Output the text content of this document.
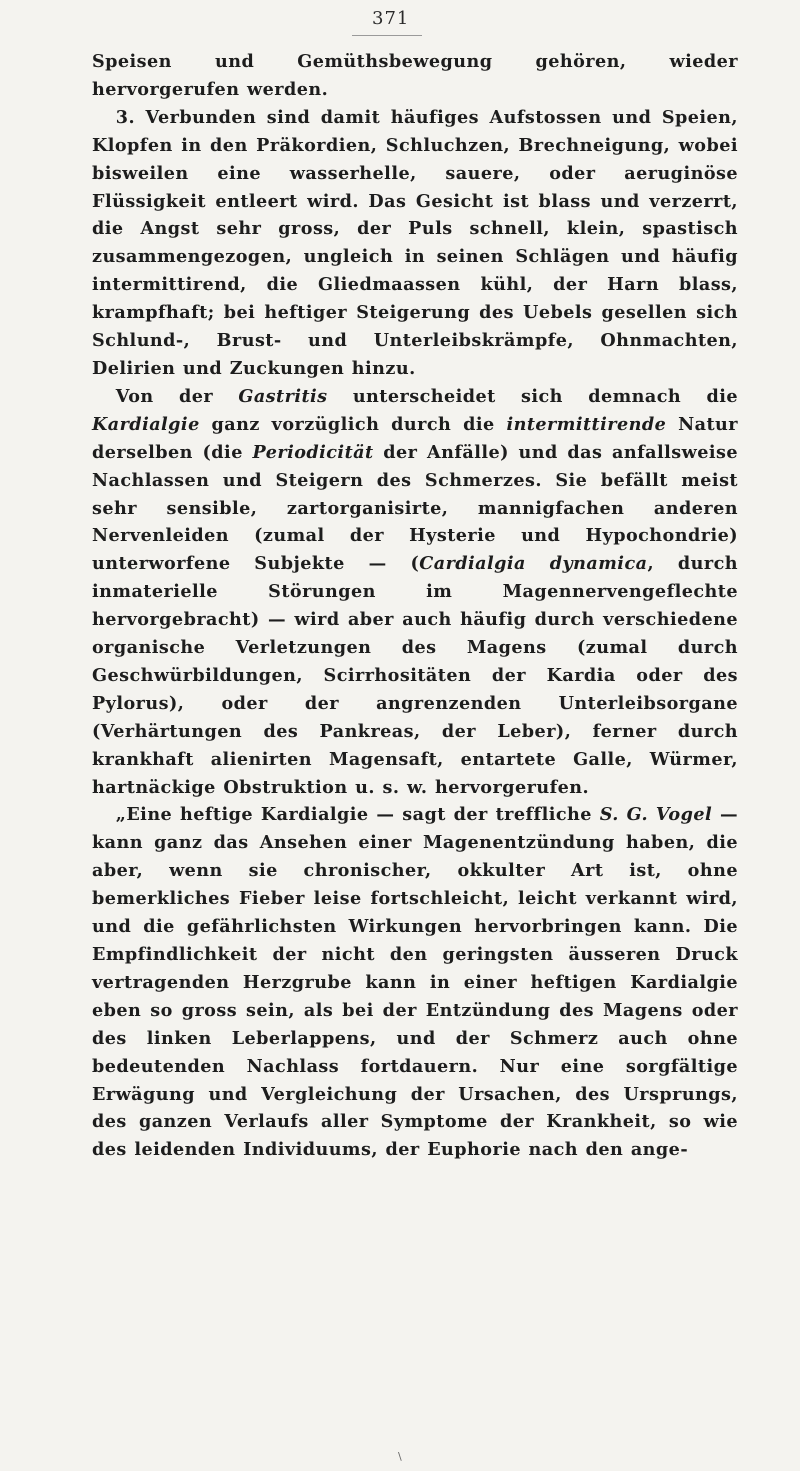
371

Speisen und Gemüthsbewegung gehören, wieder hervorgerufen werden.

3. Verbunden sind damit häufiges Aufstossen und Speien, Klopfen in den Präkordien, Schluchzen, Brechneigung, wobei bisweilen eine wasserhelle, sauere, oder aeruginöse Flüssigkeit entleert wird. Das Gesicht ist blass und verzerrt, die Angst sehr gross, der Puls schnell, klein, spastisch zusammengezogen, ungleich in seinen Schlägen und häufig intermittirend, die Gliedmaassen kühl, der Harn blass, krampfhaft; bei heftiger Steigerung des Uebels gesellen sich Schlund-, Brust- und Unterleibskrämpfe, Ohnmachten, Delirien und Zuckungen hinzu.

Von der Gastritis unterscheidet sich demnach die Kardialgie ganz vorzüglich durch die intermittirende Natur derselben (die Periodicität der Anfälle) und das anfallsweise Nachlassen und Steigern des Schmerzes. Sie befällt meist sehr sensible, zartorganisirte, mannigfachen anderen Nervenleiden (zumal der Hysterie und Hypochondrie) unterworfene Subjekte — (Cardialgia dynamica, durch inmaterielle Störungen im Magennervengeflechte hervorgebracht) — wird aber auch häufig durch verschiedene organische Verletzungen des Magens (zumal durch Geschwürbildungen, Scirrhositäten der Kardia oder des Pylorus), oder der angrenzenden Unterleibsorgane (Verhärtungen des Pankreas, der Leber), ferner durch krankhaft alienirten Magensaft, entartete Galle, Würmer, hartnäckige Obstruktion u. s. w. hervorgerufen.

„Eine heftige Kardialgie — sagt der treffliche S. G. Vogel — kann ganz das Ansehen einer Magenentzündung haben, die aber, wenn sie chronischer, okkulter Art ist, ohne bemerkliches Fieber leise fortschleicht, leicht verkannt wird, und die gefährlichsten Wirkungen hervorbringen kann. Die Empfindlichkeit der nicht den geringsten äusseren Druck vertragenden Herzgrube kann in einer heftigen Kardialgie eben so gross sein, als bei der Entzündung des Magens oder des linken Leberlappens, und der Schmerz auch ohne bedeutenden Nachlass fortdauern. Nur eine sorgfältige Erwägung und Vergleichung der Ursachen, des Ursprungs, des ganzen Verlaufs aller Symptome der Krankheit, so wie des leidenden Individuums, der Euphorie nach den ange-

\
